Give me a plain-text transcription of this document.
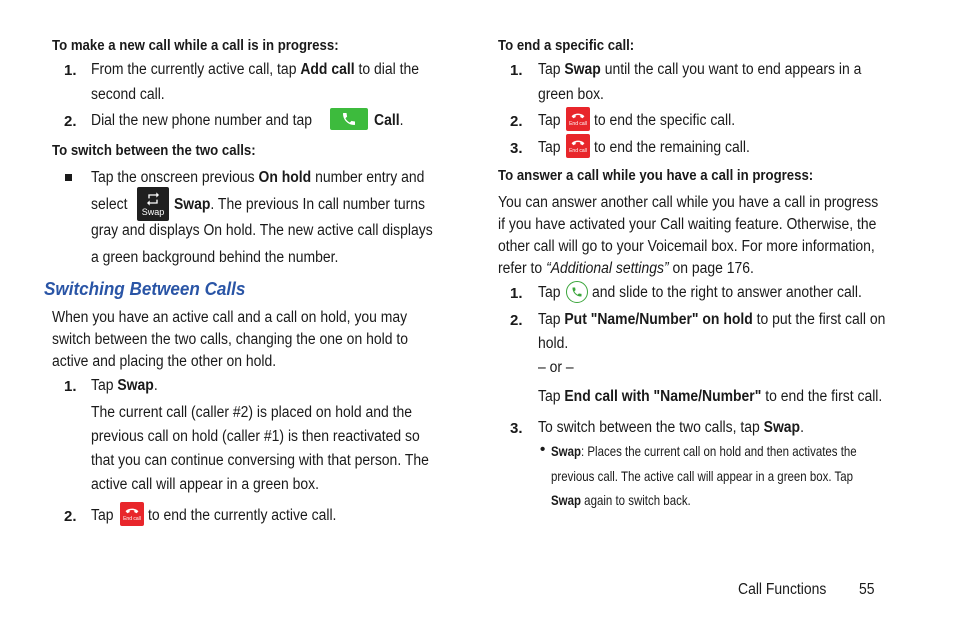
To make a new call while a call is in progress:
1. From the currently active call, tap Add call to dial the
second call.
2. Dial the new phone number and tap	Call.
To switch between the two calls:
Tap the onscreen previous On hold number entry and
select Swap Swap. The previous In call number turns
gray and displays On hold. The new active call displays
a green background behind the number.
Switching Between Calls
When you have an active call and a call on hold, you may
switch between the two calls, changing the one on hold to
active and placing the other on hold.
1. Tap Swap.
The current call (caller #2) is placed on hold and the
previous call on hold (caller #1) is then reactivated so
that you can continue conversing with that person. The
active call will appear in a green box.
2. Tap End call to end the currently active call.
To end a specific call:
1. Tap Swap until the call you want to end appears in a
green box.
2. Tap End call to end the specific call.
3. Tap End call to end the remaining call.
To answer a call while you have a call in progress:
You can answer another call while you have a call in progress
if you have activated your Call waiting feature. Otherwise, the
other call will go to your Voicemail box. For more information,
refer to “Additional settings” on page 176.
1. Tap and slide to the right to answer another call.
2. Tap Put "Name/Number" on hold to put the first call on
hold.
– or –
Tap End call with "Name/Number" to end the first call.
3. To switch between the two calls, tap Swap.
• Swap: Places the current call on hold and then activates the
previous call. The active call will appear in a green box. Tap
Swap again to switch back.
Call Functions 55
